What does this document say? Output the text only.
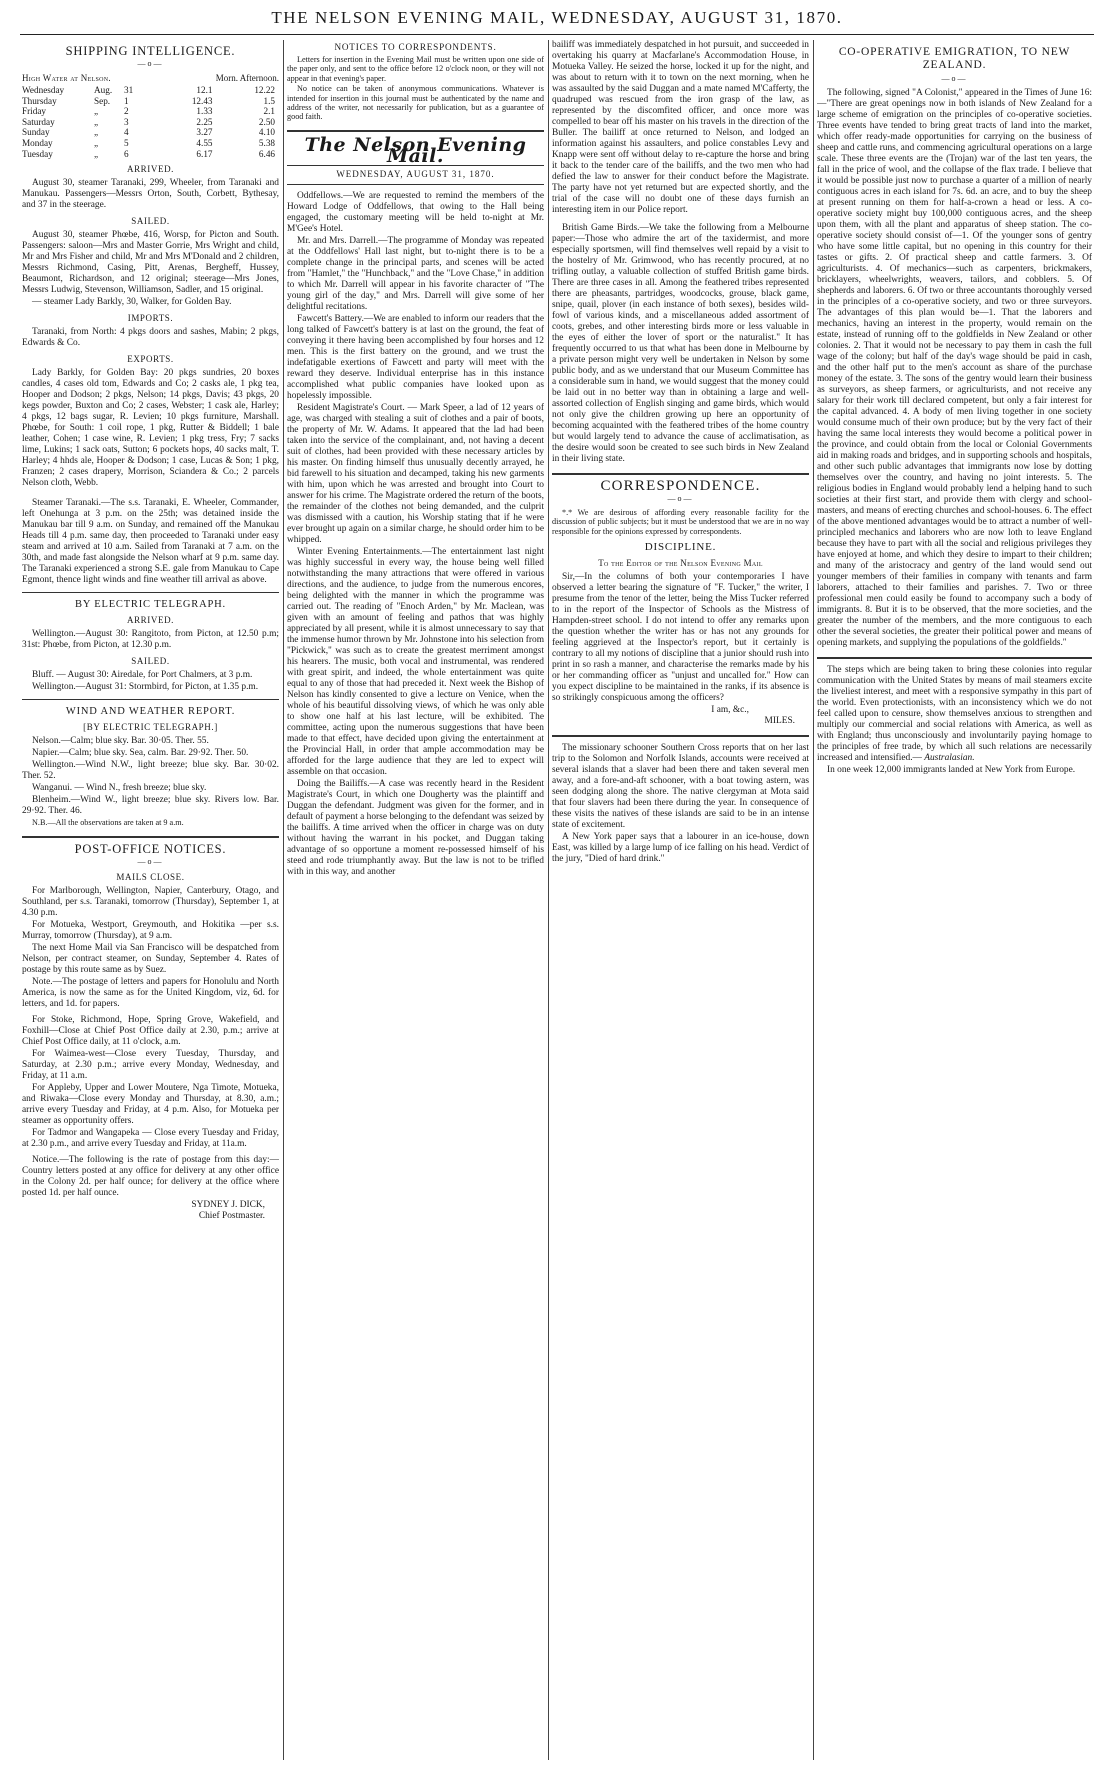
THE NELSON EVENING MAIL, WEDNESDAY, AUGUST 31, 1870.
SHIPPING INTELLIGENCE.
—o—
High Water at Nelson.	Morn. Afternoon.
Wednesday	Aug.	31	12.1	12.22
Thursday	Sep.	1	12.43	1.5
Friday	„	2	1.33	2.1
Saturday	„	3	2.25	2.50
Sunday	„	4	3.27	4.10
Monday	„	5	4.55	5.38
Tuesday	„	6	6.17	6.46
ARRIVED.

August 30, steamer Taranaki, 299, Wheeler, from Taranaki and Manukau. Passengers—Messrs Orton, South, Corbett, Bythesay, and 37 in the steerage.

SAILED.

August 30, steamer Phœbe, 416, Worsp, for Picton and South. Passengers: saloon—Mrs and Master Gorrie, Mrs Wright and child, Mr and Mrs Fisher and child, Mr and Mrs M'Donald and 2 children, Messrs Richmond, Casing, Pitt, Arenas, Bergheff, Hussey, Beaumont, Richardson, and 12 original; steerage—Mrs Jones, Messrs Ludwig, Stevenson, Williamson, Sadler, and 15 original.

— steamer Lady Barkly, 30, Walker, for Golden Bay.

IMPORTS.

Taranaki, from North: 4 pkgs doors and sashes, Mabin; 2 pkgs, Edwards & Co.

EXPORTS.

Lady Barkly, for Golden Bay: 20 pkgs sundries, 20 boxes candles, 4 cases old tom, Edwards and Co; 2 casks ale, 1 pkg tea, Hooper and Dodson; 2 pkgs, Nelson; 14 pkgs, Davis; 43 pkgs, 20 kegs powder, Buxton and Co; 2 cases, Webster; 1 cask ale, Harley; 4 pkgs, 12 bags sugar, R. Levien; 10 pkgs furniture, Marshall. Phœbe, for South: 1 coil rope, 1 pkg, Rutter & Biddell; 1 bale leather, Cohen; 1 case wine, R. Levien; 1 pkg tress, Fry; 7 sacks lime, Lukins; 1 sack oats, Sutton; 6 pockets hops, 40 sacks malt, T. Harley; 4 hhds ale, Hooper & Dodson; 1 case, Lucas & Son; 1 pkg, Franzen; 2 cases drapery, Morrison, Sciandera & Co.; 2 parcels Nelson cloth, Webb.

Steamer Taranaki.—The s.s. Taranaki, E. Wheeler, Commander, left Onehunga at 3 p.m. on the 25th; was detained inside the Manukau bar till 9 a.m. on Sunday, and remained off the Manukau Heads till 4 p.m. same day, then proceeded to Taranaki under easy steam and arrived at 10 a.m. Sailed from Taranaki at 7 a.m. on the 30th, and made fast alongside the Nelson wharf at 9 p.m. same day. The Taranaki experienced a strong S.E. gale from Manukau to Cape Egmont, thence light winds and fine weather till arrival as above.

BY ELECTRIC TELEGRAPH.
ARRIVED.

Wellington.—August 30: Rangitoto, from Picton, at 12.50 p.m; 31st: Phœbe, from Picton, at 12.30 p.m.

SAILED.

Bluff. — August 30: Airedale, for Port Chalmers, at 3 p.m.

Wellington.—August 31: Stormbird, for Picton, at 1.35 p.m.

WIND AND WEATHER REPORT.
[BY ELECTRIC TELEGRAPH.]

Nelson.—Calm; blue sky. Bar. 30·05. Ther. 55.

Napier.—Calm; blue sky. Sea, calm. Bar. 29·92. Ther. 50.

Wellington.—Wind N.W., light breeze; blue sky. Bar. 30·02. Ther. 52.

Wanganui. — Wind N., fresh breeze; blue sky.

Blenheim.—Wind W., light breeze; blue sky. Rivers low. Bar. 29·92. Ther. 46.

N.B.—All the observations are taken at 9 a.m.

POST-OFFICE NOTICES.
—o—
MAILS CLOSE.

For Marlborough, Wellington, Napier, Canterbury, Otago, and Southland, per s.s. Taranaki, tomorrow (Thursday), September 1, at 4.30 p.m.

For Motueka, Westport, Greymouth, and Hokitika —per s.s. Murray, tomorrow (Thursday), at 9 a.m.

The next Home Mail via San Francisco will be despatched from Nelson, per contract steamer, on Sunday, September 4. Rates of postage by this route same as by Suez.

Note.—The postage of letters and papers for Honolulu and North America, is now the same as for the United Kingdom, viz, 6d. for letters, and 1d. for papers.

For Stoke, Richmond, Hope, Spring Grove, Wakefield, and Foxhill—Close at Chief Post Office daily at 2.30, p.m.; arrive at Chief Post Office daily, at 11 o'clock, a.m.

For Waimea-west—Close every Tuesday, Thursday, and Saturday, at 2.30 p.m.; arrive every Monday, Wednesday, and Friday, at 11 a.m.

For Appleby, Upper and Lower Moutere, Nga Timote, Motueka, and Riwaka—Close every Monday and Thursday, at 8.30, a.m.; arrive every Tuesday and Friday, at 4 p.m. Also, for Motueka per steamer as opportunity offers.

For Tadmor and Wangapeka — Close every Tuesday and Friday, at 2.30 p.m., and arrive every Tuesday and Friday, at 11a.m.

Notice.—The following is the rate of postage from this day:—Country letters posted at any office for delivery at any other office in the Colony 2d. per half ounce; for delivery at the office where posted 1d. per half ounce.

SYDNEY J. DICK,
Chief Postmaster.
NOTICES TO CORRESPONDENTS.

Letters for insertion in the Evening Mail must be written upon one side of the paper only, and sent to the office before 12 o'clock noon, or they will not appear in that evening's paper.

No notice can be taken of anonymous communications. Whatever is intended for insertion in this journal must be authenticated by the name and address of the writer, not necessarily for publication, but as a guarantee of good faith.

The Nelson Evening Mail.
WEDNESDAY, AUGUST 31, 1870.

Oddfellows.—We are requested to remind the members of the Howard Lodge of Oddfellows, that owing to the Hall being engaged, the customary meeting will be held to-night at Mr. M'Gee's Hotel.

Mr. and Mrs. Darrell.—The programme of Monday was repeated at the Oddfellows' Hall last night, but to-night there is to be a complete change in the principal parts, and scenes will be acted from "Hamlet," the "Hunchback," and the "Love Chase," in addition to which Mr. Darrell will appear in his favorite character of "The young girl of the day," and Mrs. Darrell will give some of her delightful recitations.

Fawcett's Battery.—We are enabled to inform our readers that the long talked of Fawcett's battery is at last on the ground, the feat of conveying it there having been accomplished by four horses and 12 men. This is the first battery on the ground, and we trust the indefatigable exertions of Fawcett and party will meet with the reward they deserve. Individual enterprise has in this instance accomplished what public companies have looked upon as hopelessly impossible.

Resident Magistrate's Court. — Mark Speer, a lad of 12 years of age, was charged with stealing a suit of clothes and a pair of boots, the property of Mr. W. Adams. It appeared that the lad had been taken into the service of the complainant, and, not having a decent suit of clothes, had been provided with these necessary articles by his master. On finding himself thus unusually decently arrayed, he bid farewell to his situation and decamped, taking his new garments with him, upon which he was arrested and brought into Court to answer for his crime. The Magistrate ordered the return of the boots, the remainder of the clothes not being demanded, and the culprit was dismissed with a caution, his Worship stating that if he were ever brought up again on a similar charge, he should order him to be whipped.

Winter Evening Entertainments.—The entertainment last night was highly successful in every way, the house being well filled notwithstanding the many attractions that were offered in various directions, and the audience, to judge from the numerous encores, being delighted with the manner in which the programme was carried out. The reading of "Enoch Arden," by Mr. Maclean, was given with an amount of feeling and pathos that was highly appreciated by all present, while it is almost unnecessary to say that the immense humor thrown by Mr. Johnstone into his selection from "Pickwick," was such as to create the greatest merriment amongst his hearers. The music, both vocal and instrumental, was rendered with great spirit, and indeed, the whole entertainment was quite equal to any of those that had preceded it. Next week the Bishop of Nelson has kindly consented to give a lecture on Venice, when the whole of his beautiful dissolving views, of which he was only able to show one half at his last lecture, will be exhibited. The committee, acting upon the numerous suggestions that have been made to that effect, have decided upon giving the entertainment at the Provincial Hall, in order that ample accommodation may be afforded for the large audience that they are led to expect will assemble on that occasion.

Doing the Bailiffs.—A case was recently heard in the Resident Magistrate's Court, in which one Dougherty was the plaintiff and Duggan the defendant. Judgment was given for the former, and in default of payment a horse belonging to the defendant was seized by the bailiffs. A time arrived when the officer in charge was on duty without having the warrant in his pocket, and Duggan taking advantage of so opportune a moment re-possessed himself of his steed and rode triumphantly away. But the law is not to be trifled with in this way, and another

bailiff was immediately despatched in hot pursuit, and succeeded in overtaking his quarry at Macfarlane's Accommodation House, in Motueka Valley. He seized the horse, locked it up for the night, and was about to return with it to town on the next morning, when he was assaulted by the said Duggan and a mate named M'Cafferty, the quadruped was rescued from the iron grasp of the law, as represented by the discomfited officer, and once more was compelled to bear off his master on his travels in the direction of the Buller. The bailiff at once returned to Nelson, and lodged an information against his assaulters, and police constables Levy and Knapp were sent off without delay to re-capture the horse and bring it back to the tender care of the bailiffs, and the two men who had defied the law to answer for their conduct before the Magistrate. The party have not yet returned but are expected shortly, and the trial of the case will no doubt one of these days furnish an interesting item in our Police report.

British Game Birds.—We take the following from a Melbourne paper:—Those who admire the art of the taxidermist, and more especially sportsmen, will find themselves well repaid by a visit to the hostelry of Mr. Grimwood, who has recently procured, at no trifling outlay, a valuable collection of stuffed British game birds. There are three cases in all. Among the feathered tribes represented there are pheasants, partridges, woodcocks, grouse, black game, snipe, quail, plover (in each instance of both sexes), besides wild-fowl of various kinds, and a miscellaneous added assortment of coots, grebes, and other interesting birds more or less valuable in the eyes of either the lover of sport or the naturalist." It has frequently occurred to us that what has been done in Melbourne by a private person might very well be undertaken in Nelson by some public body, and as we understand that our Museum Committee has a considerable sum in hand, we would suggest that the money could be laid out in no better way than in obtaining a large and well-assorted collection of English singing and game birds, which would not only give the children growing up here an opportunity of becoming acquainted with the feathered tribes of the home country but would largely tend to advance the cause of acclimatisation, as the desire would soon be created to see such birds in New Zealand in their living state.

CORRESPONDENCE.
—o—

*.* We are desirous of affording every reasonable facility for the discussion of public subjects; but it must be understood that we are in no way responsible for the opinions expressed by correspondents.

DISCIPLINE.
To the Editor of the Nelson Evening Mail

Sir,—In the columns of both your contemporaries I have observed a letter bearing the signature of "F. Tucker," the writer, I presume from the tenor of the letter, being the Miss Tucker referred to in the report of the Inspector of Schools as the Mistress of Hampden-street school. I do not intend to offer any remarks upon the question whether the writer has or has not any grounds for feeling aggrieved at the Inspector's report, but it certainly is contrary to all my notions of discipline that a junior should rush into print in so rash a manner, and characterise the remarks made by his or her commanding officer as "unjust and uncalled for." How can you expect discipline to be maintained in the ranks, if its absence is so strikingly conspicuous among the officers?

I am, &c.,
MILES.

The missionary schooner Southern Cross reports that on her last trip to the Solomon and Norfolk Islands, accounts were received at several islands that a slaver had been there and taken several men away, and a fore-and-aft schooner, with a boat towing astern, was seen dodging along the shore. The native clergyman at Mota said that four slavers had been there during the year. In consequence of these visits the natives of these islands are said to be in an intense state of excitement.

A New York paper says that a labourer in an ice-house, down East, was killed by a large lump of ice falling on his head. Verdict of the jury, "Died of hard drink."

CO-OPERATIVE EMIGRATION, TO NEW ZEALAND.
—o—

The following, signed "A Colonist," appeared in the Times of June 16:—"There are great openings now in both islands of New Zealand for a large scheme of emigration on the principles of co-operative societies. Three events have tended to bring great tracts of land into the market, which offer ready-made opportunities for carrying on the business of sheep and cattle runs, and commencing agricultural operations on a large scale. These three events are the (Trojan) war of the last ten years, the fall in the price of wool, and the collapse of the flax trade. I believe that it would be possible just now to purchase a quarter of a million of nearly contiguous acres in each island for 7s. 6d. an acre, and to buy the sheep at present running on them for half-a-crown a head or less. A co-operative society might buy 100,000 contiguous acres, and the sheep upon them, with all the plant and apparatus of sheep station. The co-operative society should consist of—1. Of the younger sons of gentry who have some little capital, but no opening in this country for their tastes or gifts. 2. Of practical sheep and cattle farmers. 3. Of agriculturists. 4. Of mechanics—such as carpenters, brickmakers, bricklayers, wheelwrights, weavers, tailors, and cobblers. 5. Of shepherds and laborers. 6. Of two or three accountants thoroughly versed in the principles of a co-operative society, and two or three surveyors. The advantages of this plan would be—1. That the laborers and mechanics, having an interest in the property, would remain on the estate, instead of running off to the goldfields in New Zealand or other colonies. 2. That it would not be necessary to pay them in cash the full wage of the colony; but half of the day's wage should be paid in cash, and the other half put to the men's account as share of the purchase money of the estate. 3. The sons of the gentry would learn their business as surveyors, as sheep farmers, or agriculturists, and not receive any salary for their work till declared competent, but only a fair interest for the capital advanced. 4. A body of men living together in one society would consume much of their own produce; but by the very fact of their having the same local interests they would become a political power in the province, and could obtain from the local or Colonial Governments aid in making roads and bridges, and in supporting schools and hospitals, and other such public advantages that immigrants now lose by dotting themselves over the country, and having no joint interests. 5. The religious bodies in England would probably lend a helping hand to such societies at their first start, and provide them with clergy and school-masters, and means of erecting churches and school-houses. 6. The effect of the above mentioned advantages would be to attract a number of well-principled mechanics and laborers who are now loth to leave England because they have to part with all the social and religious privileges they have enjoyed at home, and which they desire to impart to their children; and many of the aristocracy and gentry of the land would send out younger members of their families in company with tenants and farm laborers, attached to their families and parishes. 7. Two or three professional men could easily be found to accompany such a body of immigrants. 8. But it is to be observed, that the more societies, and the greater the number of the members, and the more contiguous to each other the several societies, the greater their political power and means of opening markets, and supplying the populations of the goldfields."

The steps which are being taken to bring these colonies into regular communication with the United States by means of mail steamers excite the liveliest interest, and meet with a responsive sympathy in this part of the world. Even protectionists, with an inconsistency which we do not feel called upon to censure, show themselves anxious to strengthen and multiply our commercial and social relations with America, as well as with England; thus unconsciously and involuntarily paying homage to the principles of free trade, by which all such relations are necessarily increased and intensified.— Australasian.

In one week 12,000 immigrants landed at New York from Europe.
